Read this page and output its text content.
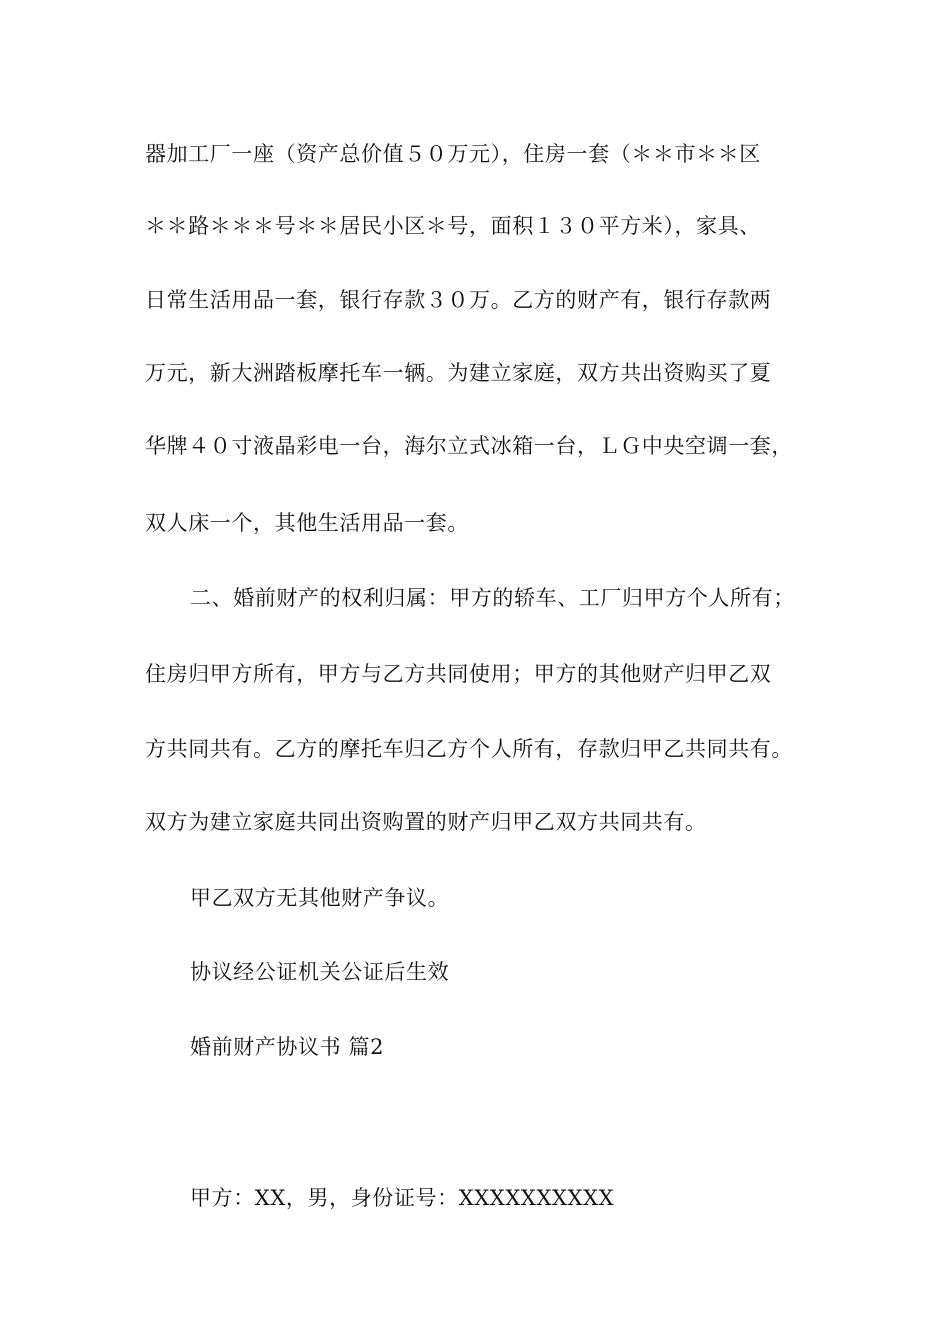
器加工厂一座（资产总价值５０万元），住房一套（＊＊市＊＊区
＊＊路＊＊＊号＊＊居民小区＊号，面积１３０平方米），家具、
日常生活用品一套，银行存款３０万。乙方的财产有，银行存款两
万元，新大洲踏板摩托车一辆。为建立家庭，双方共出资购买了夏
华牌４０寸液晶彩电一台，海尔立式冰箱一台，ＬＧ中央空调一套，
双人床一个，其他生活用品一套。
二、婚前财产的权利归属：甲方的轿车、工厂归甲方个人所有；
住房归甲方所有，甲方与乙方共同使用；甲方的其他财产归甲乙双
方共同共有。乙方的摩托车归乙方个人所有，存款归甲乙共同共有。
双方为建立家庭共同出资购置的财产归甲乙双方共同共有。
甲乙双方无其他财产争议。
协议经公证机关公证后生效
婚前财产协议书 篇2
甲方：XX，男，身份证号：XXXXXXXXXX
